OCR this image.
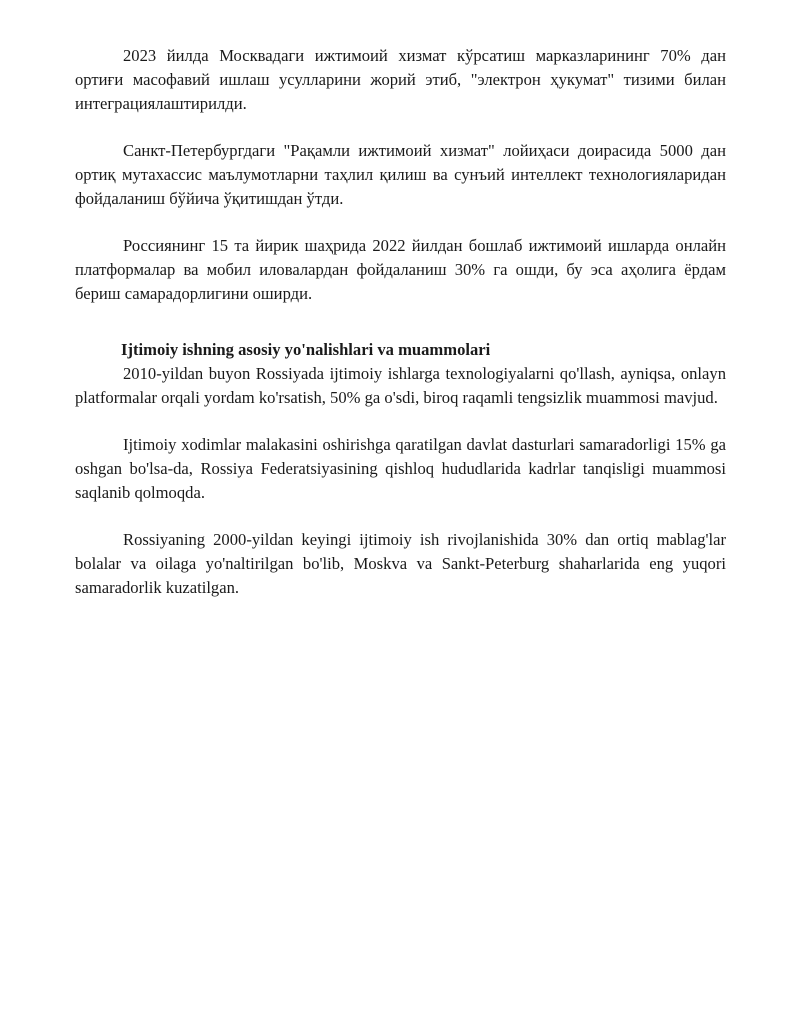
2023 йилда Москвадаги ижтимоий хизмат кўрсатиш марказларининг 70% дан ортиғи масофавий ишлаш усулларини жорий этиб, "электрон ҳукумат" тизими билан интеграциялаштирилди.

Санкт-Петербургдаги "Рақамли ижтимоий хизмат" лойиҳаси доирасида 5000 дан ортиқ мутахассис маълумотларни таҳлил қилиш ва сунъий интеллект технологияларидан фойдаланиш бўйича ўқитишдан ўтди.

Россиянинг 15 та йирик шаҳрида 2022 йилдан бошлаб ижтимоий ишларда онлайн платформалар ва мобил иловалардан фойдаланиш 30% га ошди, бу эса аҳолига ёрдам бериш самарадорлигини оширди.

Ijtimoiy ishning asosiy yo'nalishlari va muammolari

2010-yildan buyon Rossiyada ijtimoiy ishlarga texnologiyalarni qo'llash, ayniqsa, onlayn platformalar orqali yordam ko'rsatish, 50% ga o'sdi, biroq raqamli tengsizlik muammosi mavjud.

Ijtimoiy xodimlar malakasini oshirishga qaratilgan davlat dasturlari samaradorligi 15% ga oshgan bo'lsa-da, Rossiya Federatsiyasining qishloq hududlarida kadrlar tanqisligi muammosi saqlanib qolmoqda.

Rossiyaning 2000-yildan keyingi ijtimoiy ish rivojlanishida 30% dan ortiq mablag'lar bolalar va oilaga yo'naltirilgan bo'lib, Moskva va Sankt-Peterburg shaharlarida eng yuqori samaradorlik kuzatilgan.
